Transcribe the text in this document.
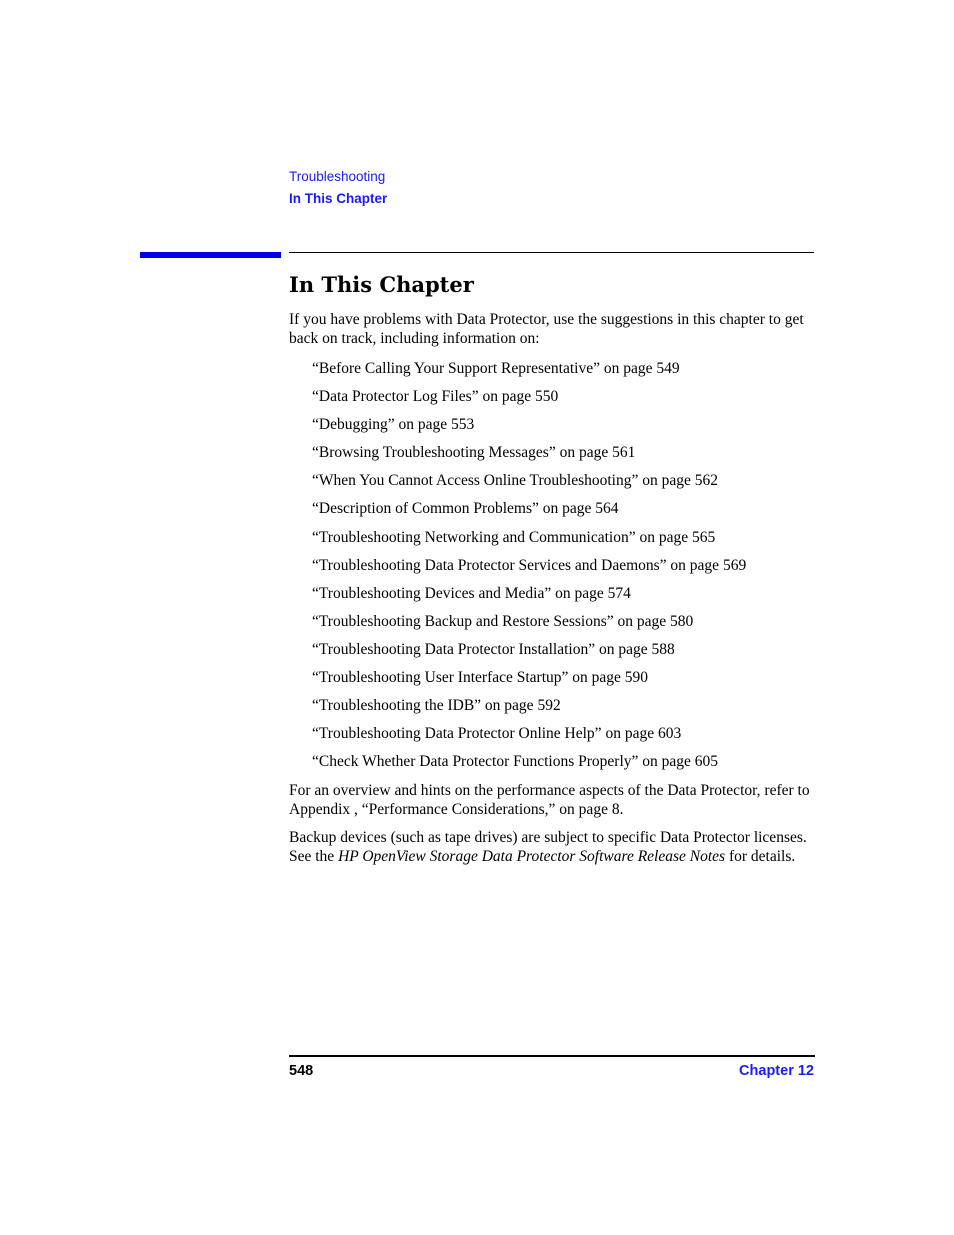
Troubleshooting
In This Chapter
In This Chapter

If you have problems with Data Protector, use the suggestions in this chapter to get back on track, including information on:

“Before Calling Your Support Representative” on page 549
“Data Protector Log Files” on page 550
“Debugging” on page 553
“Browsing Troubleshooting Messages” on page 561
“When You Cannot Access Online Troubleshooting” on page 562
“Description of Common Problems” on page 564
“Troubleshooting Networking and Communication” on page 565
“Troubleshooting Data Protector Services and Daemons” on page 569
“Troubleshooting Devices and Media” on page 574
“Troubleshooting Backup and Restore Sessions” on page 580
“Troubleshooting Data Protector Installation” on page 588
“Troubleshooting User Interface Startup” on page 590
“Troubleshooting the IDB” on page 592
“Troubleshooting Data Protector Online Help” on page 603
“Check Whether Data Protector Functions Properly” on page 605

For an overview and hints on the performance aspects of the Data Protector, refer to Appendix , “Performance Considerations,” on page 8.

Backup devices (such as tape drives) are subject to specific Data Protector licenses. See the HP OpenView Storage Data Protector Software Release Notes for details.

548	Chapter 12
